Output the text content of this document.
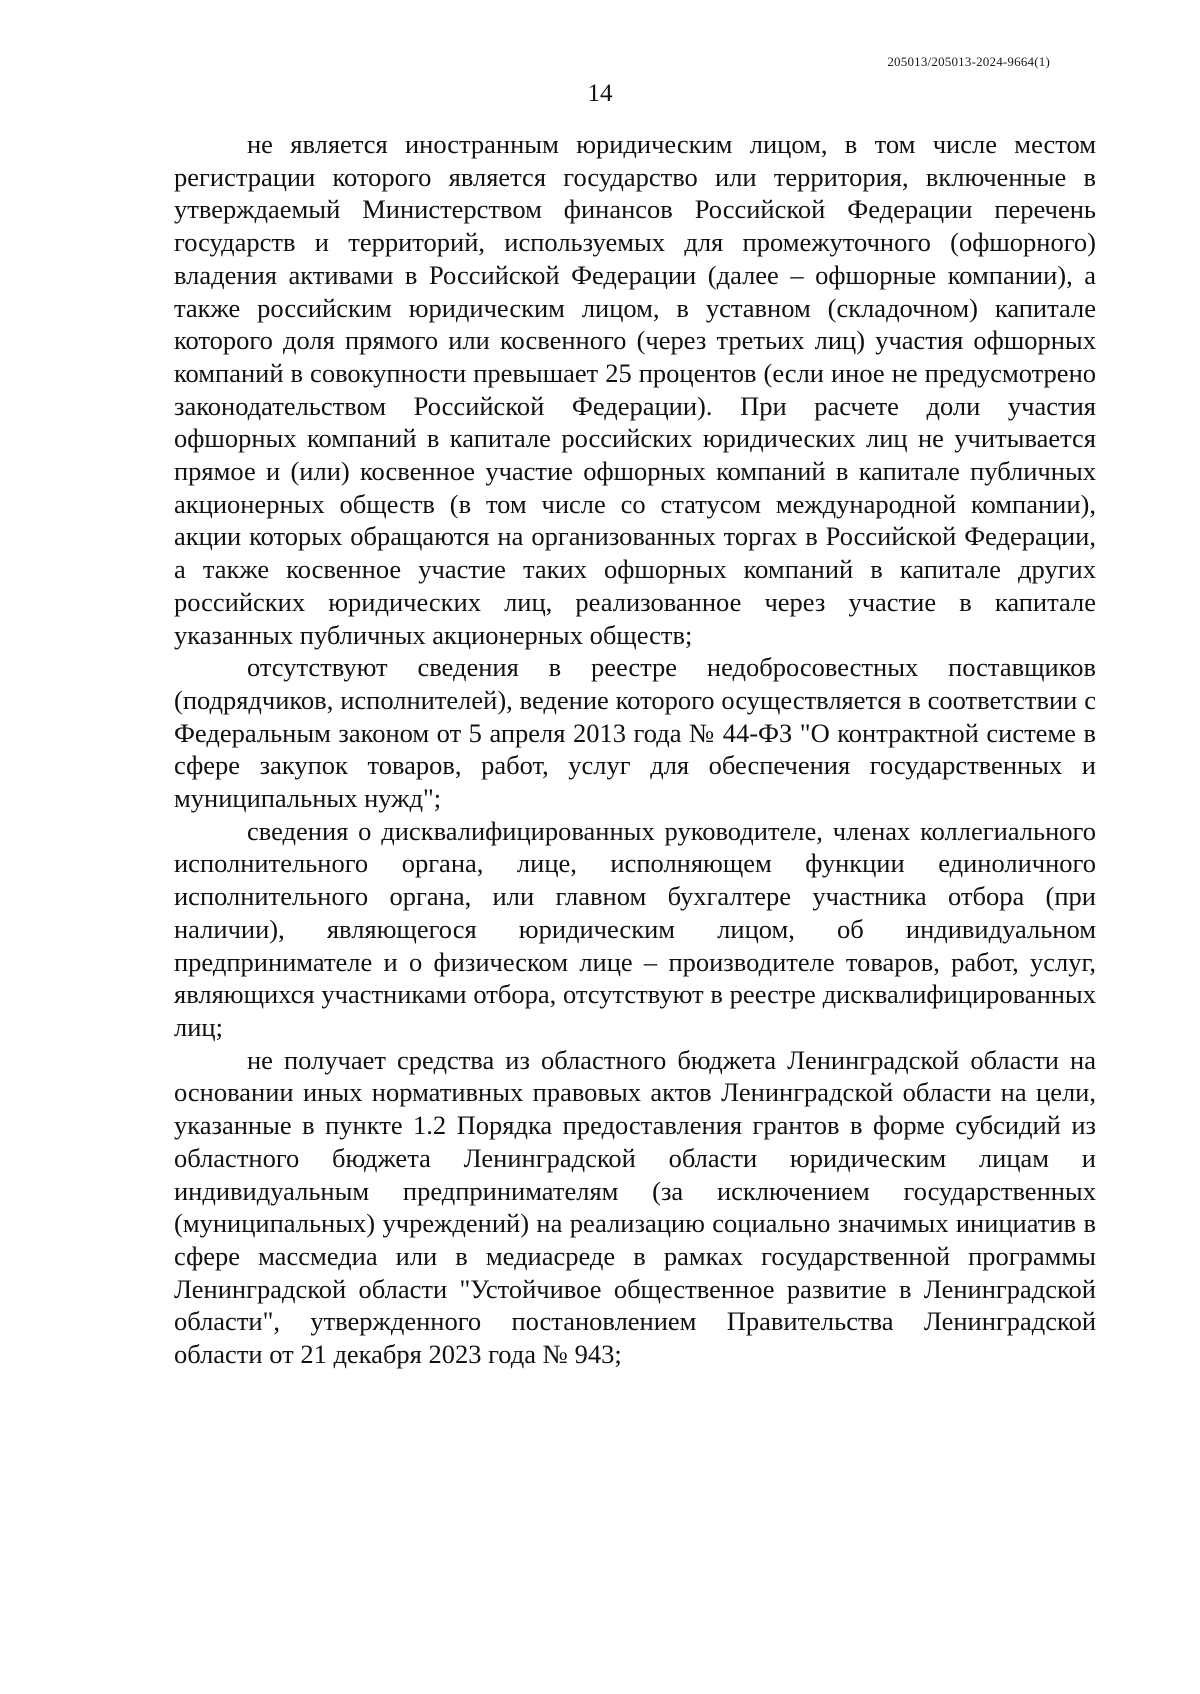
205013/205013-2024-9664(1)
14

не является иностранным юридическим лицом, в том числе местом регистрации которого является государство или территория, включенные в утверждаемый Министерством финансов Российской Федерации перечень государств и территорий, используемых для промежуточного (офшорного) владения активами в Российской Федерации (далее – офшорные компании), а также российским юридическим лицом, в уставном (складочном) капитале которого доля прямого или косвенного (через третьих лиц) участия офшорных компаний в совокупности превышает 25 процентов (если иное не предусмотрено законодательством Российской Федерации). При расчете доли участия офшорных компаний в капитале российских юридических лиц не учитывается прямое и (или) косвенное участие офшорных компаний в капитале публичных акционерных обществ (в том числе со статусом международной компании), акции которых обращаются на организованных торгах в Российской Федерации, а также косвенное участие таких офшорных компаний в капитале других российских юридических лиц, реализованное через участие в капитале указанных публичных акционерных обществ;

отсутствуют сведения в реестре недобросовестных поставщиков (подрядчиков, исполнителей), ведение которого осуществляется в соответствии с Федеральным законом от 5 апреля 2013 года № 44-ФЗ "О контрактной системе в сфере закупок товаров, работ, услуг для обеспечения государственных и муниципальных нужд";

сведения о дисквалифицированных руководителе, членах коллегиального исполнительного органа, лице, исполняющем функции единоличного исполнительного органа, или главном бухгалтере участника отбора (при наличии), являющегося юридическим лицом, об индивидуальном предпринимателе и о физическом лице – производителе товаров, работ, услуг, являющихся участниками отбора, отсутствуют в реестре дисквалифицированных лиц;

не получает средства из областного бюджета Ленинградской области на основании иных нормативных правовых актов Ленинградской области на цели, указанные в пункте 1.2 Порядка предоставления грантов в форме субсидий из областного бюджета Ленинградской области юридическим лицам и индивидуальным предпринимателям (за исключением государственных (муниципальных) учреждений) на реализацию социально значимых инициатив в сфере массмедиа или в медиасреде в рамках государственной программы Ленинградской области "Устойчивое общественное развитие в Ленинградской области", утвержденного постановлением Правительства Ленинградской области от 21 декабря 2023 года № 943;
